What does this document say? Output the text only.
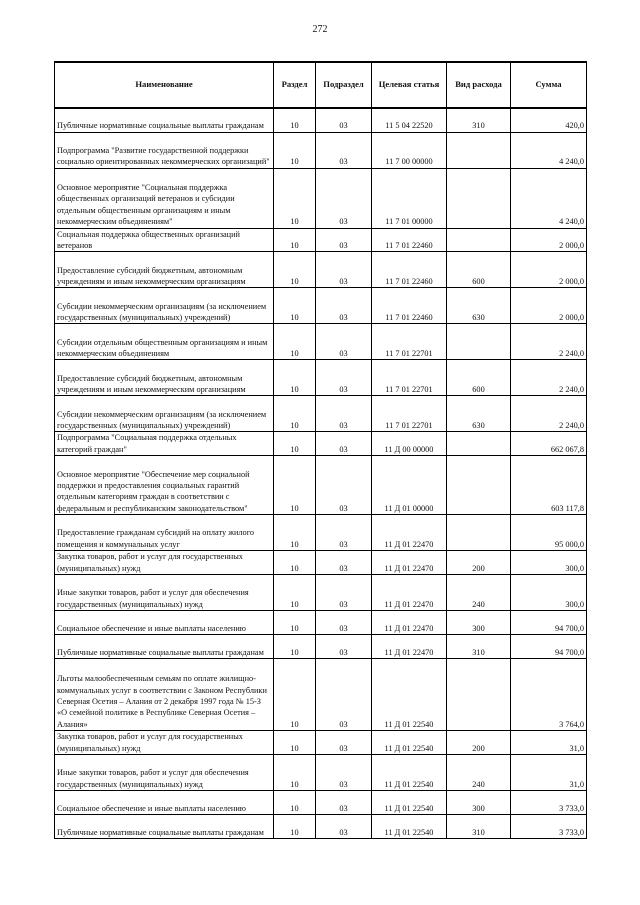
272
Наименование	Раздел	Подраздел	Целевая статья	Вид расхода	Сумма
Публичные нормативные социальные выплаты гражданам	10	03	11 5 04 22520	310	420,0
Подпрограмма "Развитие государственной поддержки социально ориентированных некоммерческих организаций"	10	03	11 7 00 00000		4 240,0
Основное мероприятие "Социальная поддержка общественных организаций ветеранов и субсидии отдельным общественным организациям и иным некоммерческим объединениям"	10	03	11 7 01 00000		4 240,0
Социальная поддержка общественных организаций ветеранов	10	03	11 7 01 22460		2 000,0
Предоставление субсидий бюджетным, автономным учреждениям и иным некоммерческим организациям	10	03	11 7 01 22460	600	2 000,0
Субсидии некоммерческим организациям (за исключением государственных (муниципальных) учреждений)	10	03	11 7 01 22460	630	2 000,0
Субсидии отдельным общественным организациям и иным некоммерческим объединениям	10	03	11 7 01 22701		2 240,0
Предоставление субсидий бюджетным, автономным учреждениям и иным некоммерческим организациям	10	03	11 7 01 22701	600	2 240,0
Субсидии некоммерческим организациям (за исключением государственных (муниципальных) учреждений)	10	03	11 7 01 22701	630	2 240,0
Подпрограмма "Социальная поддержка отдельных категорий граждан"	10	03	11 Д 00 00000		662 067,8
Основное мероприятие "Обеспечение мер социальной поддержки и предоставления социальных гарантий отдельным категориям граждан в соответствии с федеральным и республиканским законодательством"	10	03	11 Д 01 00000		603 117,8
Предоставление гражданам субсидий на оплату жилого помещения и коммунальных услуг	10	03	11 Д 01 22470		95 000,0
Закупка товаров, работ и услуг для государственных (муниципальных) нужд	10	03	11 Д 01 22470	200	300,0
Иные закупки товаров, работ и услуг для обеспечения государственных (муниципальных) нужд	10	03	11 Д 01 22470	240	300,0
Социальное обеспечение и иные выплаты населению	10	03	11 Д 01 22470	300	94 700,0
Публичные нормативные социальные выплаты гражданам	10	03	11 Д 01 22470	310	94 700,0
Льготы малообеспеченным семьям по оплате жилищно-коммунальных услуг в соответствии с Законом Республики Северная Осетия – Алания от 2 декабря 1997 года № 15-З «О семейной политике в Республике Северная Осетия – Алания»	10	03	11 Д 01 22540		3 764,0
Закупка товаров, работ и услуг для государственных (муниципальных) нужд	10	03	11 Д 01 22540	200	31,0
Иные закупки товаров, работ и услуг для обеспечения государственных (муниципальных) нужд	10	03	11 Д 01 22540	240	31,0
Социальное обеспечение и иные выплаты населению	10	03	11 Д 01 22540	300	3 733,0
Публичные нормативные социальные выплаты гражданам	10	03	11 Д 01 22540	310	3 733,0
